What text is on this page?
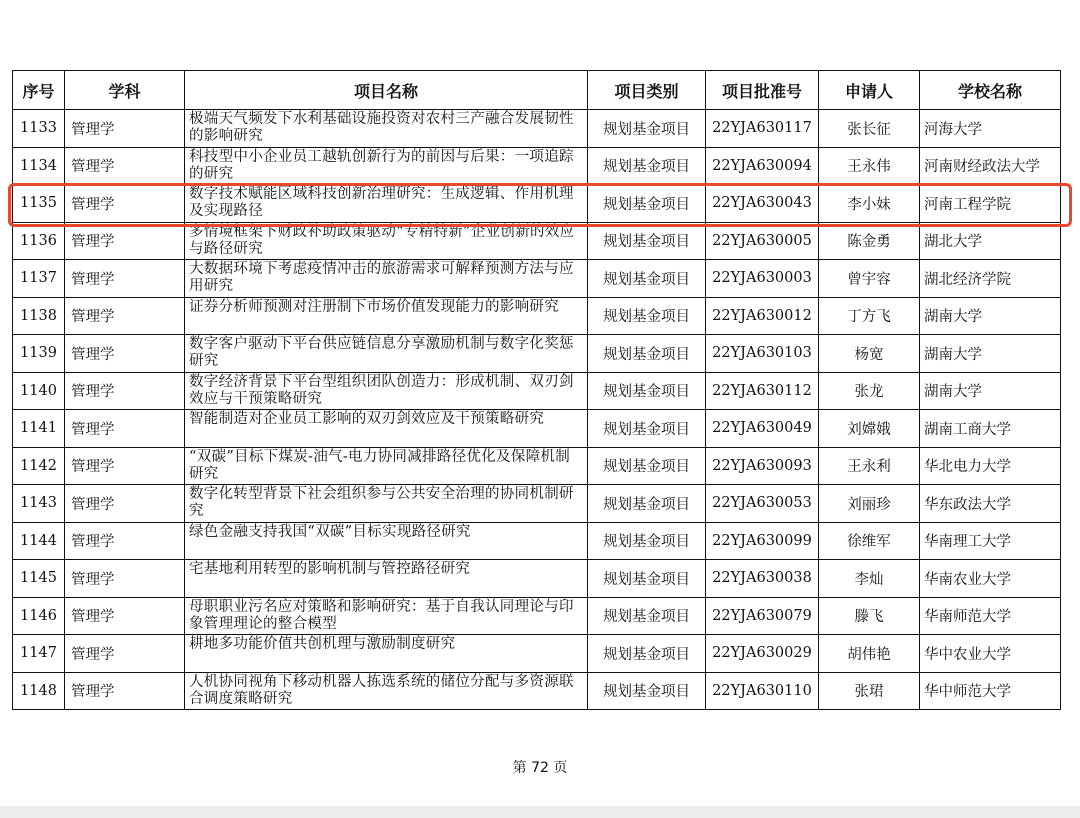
序号	学科	项目名称	项目类别	项目批准号	申请人	学校名称
1133	管理学	极端天气频发下水利基础设施投资对农村三产融合发展韧性的影响研究	规划基金项目	22YJA630117	张长征	河海大学
1134	管理学	科技型中小企业员工越轨创新行为的前因与后果：一项追踪的研究	规划基金项目	22YJA630094	王永伟	河南财经政法大学
1135	管理学	数字技术赋能区域科技创新治理研究：生成逻辑、作用机理及实现路径	规划基金项目	22YJA630043	李小妹	河南工程学院
1136	管理学	多情境框架下财政补助政策驱动“专精特新”企业创新的效应与路径研究	规划基金项目	22YJA630005	陈金勇	湖北大学
1137	管理学	大数据环境下考虑疫情冲击的旅游需求可解释预测方法与应用研究	规划基金项目	22YJA630003	曾宇容	湖北经济学院
1138	管理学	证券分析师预测对注册制下市场价值发现能力的影响研究	规划基金项目	22YJA630012	丁方飞	湖南大学
1139	管理学	数字客户驱动下平台供应链信息分享激励机制与数字化奖惩研究	规划基金项目	22YJA630103	杨宽	湖南大学
1140	管理学	数字经济背景下平台型组织团队创造力：形成机制、双刃剑效应与干预策略研究	规划基金项目	22YJA630112	张龙	湖南大学
1141	管理学	智能制造对企业员工影响的双刃剑效应及干预策略研究	规划基金项目	22YJA630049	刘嫦娥	湖南工商大学
1142	管理学	“双碳”目标下煤炭-油气-电力协同减排路径优化及保障机制研究	规划基金项目	22YJA630093	王永利	华北电力大学
1143	管理学	数字化转型背景下社会组织参与公共安全治理的协同机制研究	规划基金项目	22YJA630053	刘丽珍	华东政法大学
1144	管理学	绿色金融支持我国“双碳”目标实现路径研究	规划基金项目	22YJA630099	徐维军	华南理工大学
1145	管理学	宅基地利用转型的影响机制与管控路径研究	规划基金项目	22YJA630038	李灿	华南农业大学
1146	管理学	母职职业污名应对策略和影响研究：基于自我认同理论与印象管理理论的整合模型	规划基金项目	22YJA630079	滕飞	华南师范大学
1147	管理学	耕地多功能价值共创机理与激励制度研究	规划基金项目	22YJA630029	胡伟艳	华中农业大学
1148	管理学	人机协同视角下移动机器人拣选系统的储位分配与多资源联合调度策略研究	规划基金项目	22YJA630110	张珺	华中师范大学
第 72 页
